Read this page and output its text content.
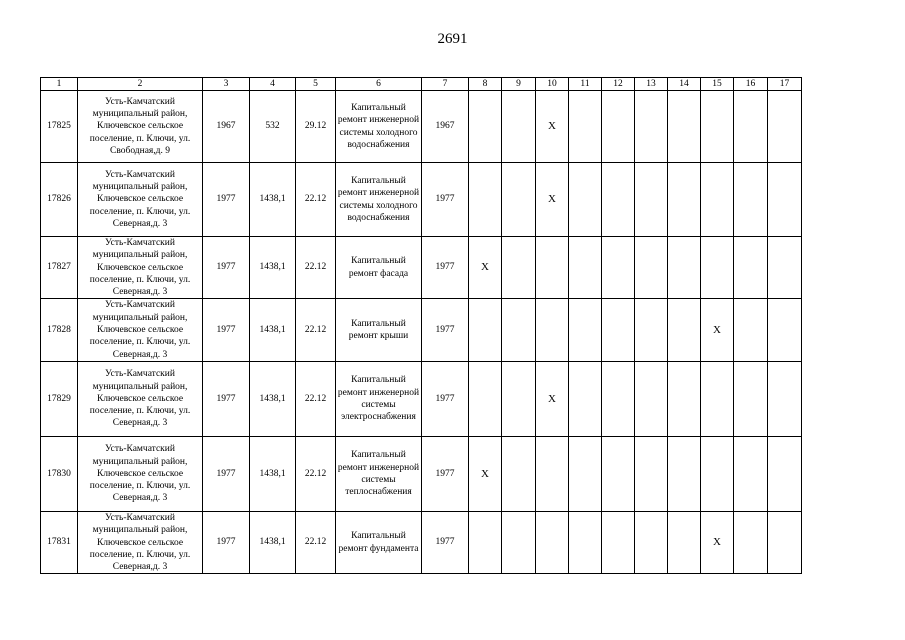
2691
1	2	3	4	5	6	7	8	9	10	11	12	13	14	15	16	17
17825	Усть-Камчатский муниципальный район, Ключевское сельское поселение, п. Ключи, ул. Свободная,д. 9	1967	532	29.12	Капитальный ремонт инженерной системы холодного водоснабжения	1967			X							
17826	Усть-Камчатский муниципальный район, Ключевское сельское поселение, п. Ключи, ул. Северная,д. 3	1977	1438,1	22.12	Капитальный ремонт инженерной системы холодного водоснабжения	1977			X							
17827	Усть-Камчатский муниципальный район, Ключевское сельское поселение, п. Ключи, ул. Северная,д. 3	1977	1438,1	22.12	Капитальный ремонт фасада	1977	X									
17828	Усть-Камчатский муниципальный район, Ключевское сельское поселение, п. Ключи, ул. Северная,д. 3	1977	1438,1	22.12	Капитальный ремонт крыши	1977								X		
17829	Усть-Камчатский муниципальный район, Ключевское сельское поселение, п. Ключи, ул. Северная,д. 3	1977	1438,1	22.12	Капитальный ремонт инженерной системы электроснабжения	1977			X							
17830	Усть-Камчатский муниципальный район, Ключевское сельское поселение, п. Ключи, ул. Северная,д. 3	1977	1438,1	22.12	Капитальный ремонт инженерной системы теплоснабжения	1977	X									
17831	Усть-Камчатский муниципальный район, Ключевское сельское поселение, п. Ключи, ул. Северная,д. 3	1977	1438,1	22.12	Капитальный ремонт фундамента	1977								X		
